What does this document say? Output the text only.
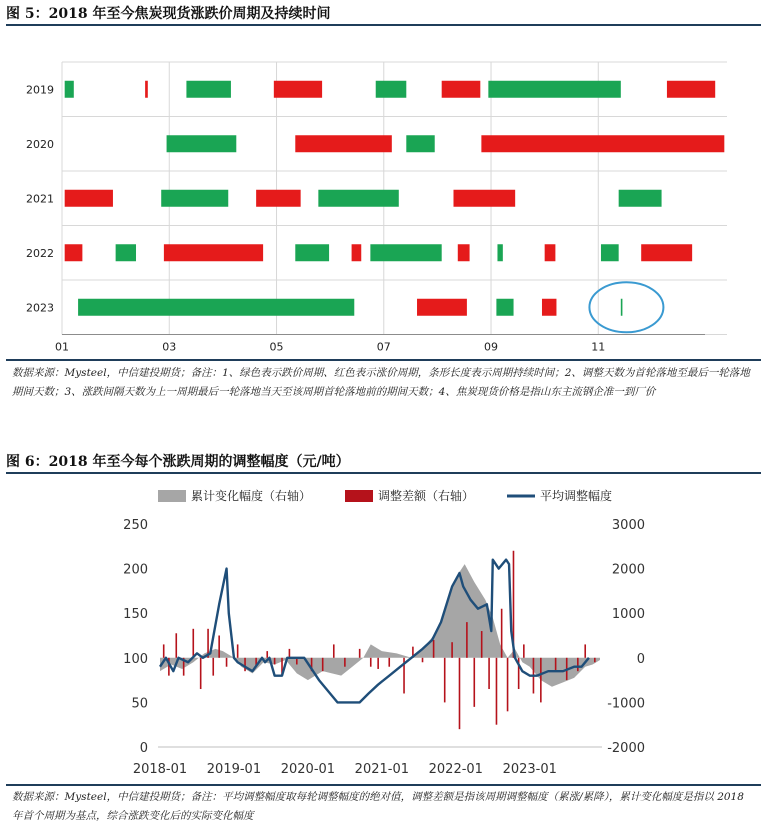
图 5：2018 年至今焦炭现货涨跌价周期及持续时间
2019
2020
2021
2022
2023
01	03	05	07	09	11
数据来源：Mysteel，中信建投期货；备注：1、绿色表示跌价周期、红色表示涨价周期，条形长度表示周期持续时间；2、调整天数为首轮落地至最后一轮落地期间天数；3、涨跌间隔天数为上一周期最后一轮落地当天至该周期首轮落地前的期间天数；4、焦炭现货价格是指山东主流钢企准一到厂价
图 6：2018 年至今每个涨跌周期的调整幅度（元/吨）
累计变化幅度（右轴）	调整差额（右轴）	平均调整幅度
0
50
100
150
200
250
-2000
-1000
0
1000
2000
3000
2018-01 2019-01 2020-01 2021-01 2022-01 2023-01
数据来源：Mysteel，中信建投期货；备注：平均调整幅度取每轮调整幅度的绝对值，调整差额是指该周期调整幅度（累涨/累降），累计变化幅度是指以 2018 年首个周期为基点，综合涨跌变化后的实际变化幅度
